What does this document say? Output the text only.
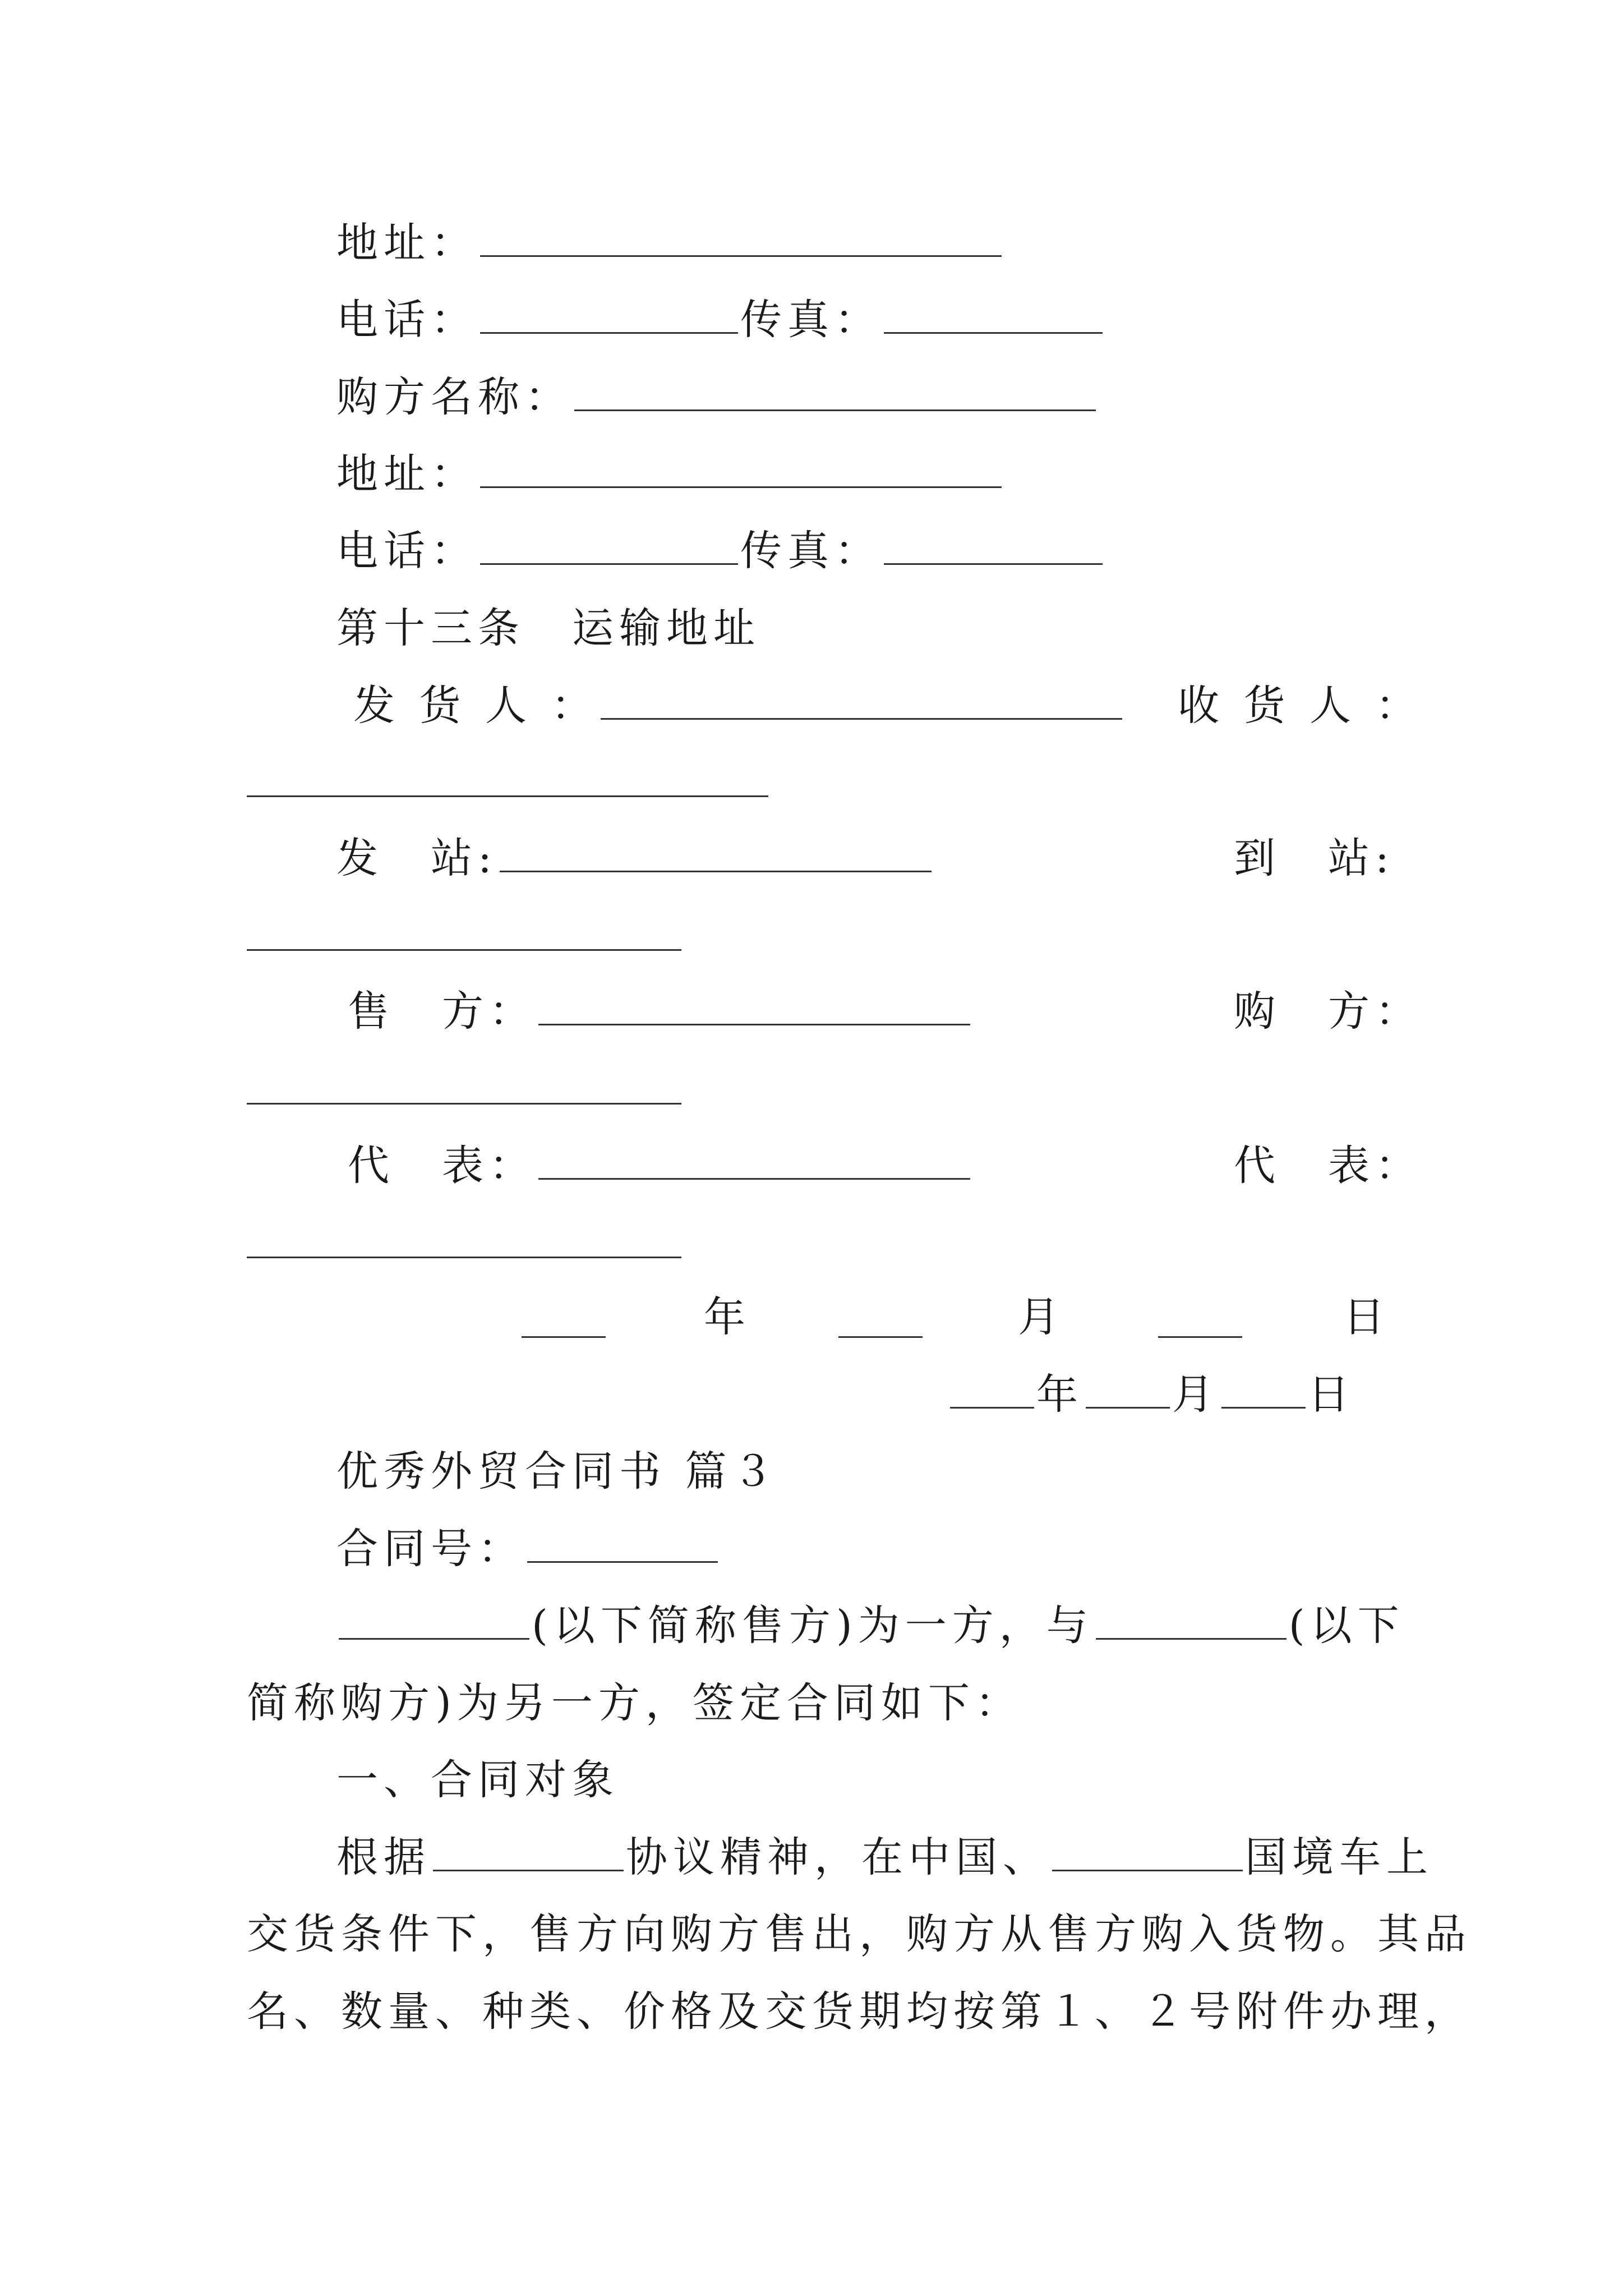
地址：
电话：	传真：
购方名称：
地址：
电话：	传真：
第十三条　运输地址
发 货 人 ：	收 货 人 ：
发　站:	到　站:
售　方：	购　方：
代　表：	代　表：
年	月	日
年 月 日
优秀外贸合同书 篇３
合同号：
(以下简称售方)为一方，与	(以下
简称购方)为另一方，签定合同如下：
一、合同对象
根据	协议精神，在中国、	国境车上
交货条件下，售方向购方售出，购方从售方购入货物。其品
名、数量、种类、价格及交货期均按第１、２号附件办理，
